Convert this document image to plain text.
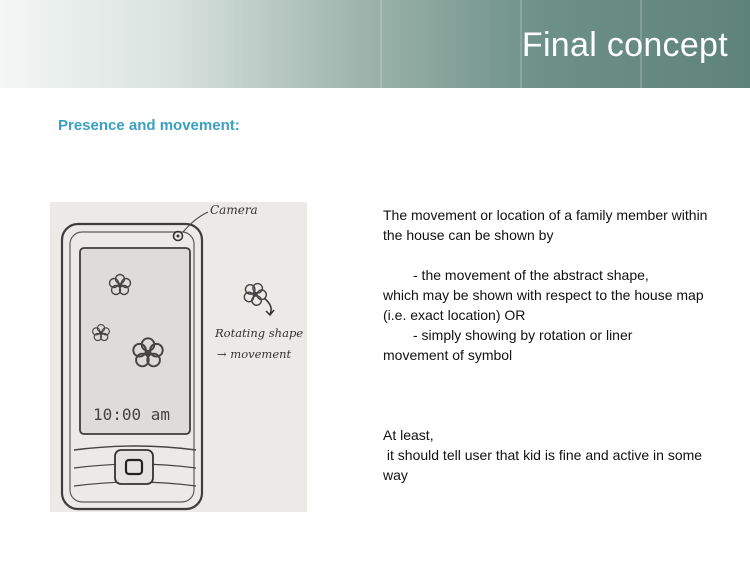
Final concept
Presence and movement:
Camera
10:00 am
Rotating shape
→ movement

The movement or location of a family member within the house can be shown by

- the movement of the abstract shape,

which may be shown with respect to the house map (i.e. exact location) OR

- simply showing by rotation or liner

movement of symbol

At least,

it should tell user that kid is fine and active in some way
